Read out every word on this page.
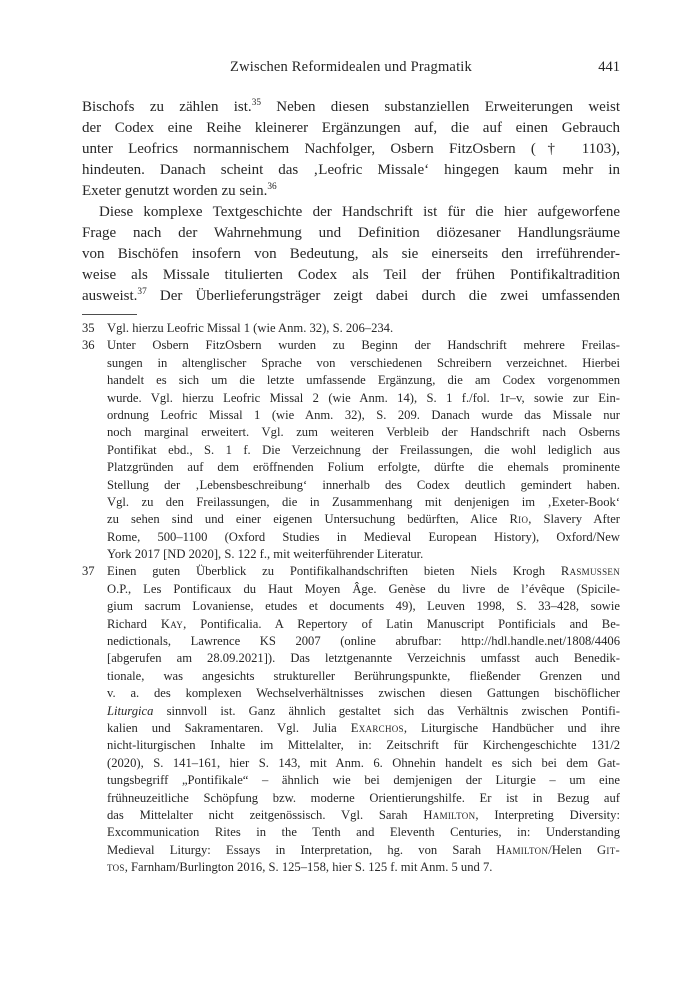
Zwischen Reformidealen und Pragmatik	441
Bischofs zu zählen ist.$^{35}$ Neben diesen substanziellen Erweiterungen weist
der Codex eine Reihe kleinerer Ergänzungen auf, die auf einen Gebrauch
unter Leofrics normannischem Nachfolger, Osbern FitzOsbern († 1103),
hindeuten. Danach scheint das ‚Leofric Missale‘ hingegen kaum mehr in
Exeter genutzt worden zu sein.$^{36}$
Diese komplexe Textgeschichte der Handschrift ist für die hier aufgeworfene
Frage nach der Wahrnehmung und Definition diözesaner Handlungsräume
von Bischöfen insofern von Bedeutung, als sie einerseits den irreführender-
weise als Missale titulierten Codex als Teil der frühen Pontifikaltradition
ausweist.$^{37}$ Der Überlieferungsträger zeigt dabei durch die zwei umfassenden
35 Vgl. hierzu Leofric Missal 1 (wie Anm. 32), S. 206–234.
36 Unter Osbern FitzOsbern wurden zu Beginn der Handschrift mehrere Freilas-
sungen in altenglischer Sprache von verschiedenen Schreibern verzeichnet. Hierbei
handelt es sich um die letzte umfassende Ergänzung, die am Codex vorgenommen
wurde. Vgl. hierzu Leofric Missal 2 (wie Anm. 14), S. 1 f./fol. 1r–v, sowie zur Ein-
ordnung Leofric Missal 1 (wie Anm. 32), S. 209. Danach wurde das Missale nur
noch marginal erweitert. Vgl. zum weiteren Verbleib der Handschrift nach Osberns
Pontifikat ebd., S. 1 f. Die Verzeichnung der Freilassungen, die wohl lediglich aus
Platzgründen auf dem eröffnenden Folium erfolgte, dürfte die ehemals prominente
Stellung der ‚Lebensbeschreibung‘ innerhalb des Codex deutlich gemindert haben.
Vgl. zu den Freilassungen, die in Zusammenhang mit denjenigen im ‚Exeter-Book‘
zu sehen sind und einer eigenen Untersuchung bedürften, Alice Rio, Slavery After
Rome, 500–1100 (Oxford Studies in Medieval European History), Oxford/New
York 2017 [ND 2020], S. 122 f., mit weiterführender Literatur.
37 Einen guten Überblick zu Pontifikalhandschriften bieten Niels Krogh Rasmussen
O.P., Les Pontificaux du Haut Moyen Âge. Genèse du livre de l’évêque (Spicile-
gium sacrum Lovaniense, etudes et documents 49), Leuven 1998, S. 33–428, sowie
Richard Kay, Pontificalia. A Repertory of Latin Manuscript Pontificials and Be-
nedictionals, Lawrence KS 2007 (online abrufbar: http://hdl.handle.net/1808/4406
[abgerufen am 28.09.2021]). Das letztgenannte Verzeichnis umfasst auch Benedik-
tionale, was angesichts struktureller Berührungspunkte, fließender Grenzen und
v. a. des komplexen Wechselverhältnisses zwischen diesen Gattungen bischöflicher
Liturgica sinnvoll ist. Ganz ähnlich gestaltet sich das Verhältnis zwischen Pontifi-
kalien und Sakramentaren. Vgl. Julia Exarchos, Liturgische Handbücher und ihre
nicht-liturgischen Inhalte im Mittelalter, in: Zeitschrift für Kirchengeschichte 131/2
(2020), S. 141–161, hier S. 143, mit Anm. 6. Ohnehin handelt es sich bei dem Gat-
tungsbegriff „Pontifikale“ – ähnlich wie bei demjenigen der Liturgie – um eine
frühneuzeitliche Schöpfung bzw. moderne Orientierungshilfe. Er ist in Bezug auf
das Mittelalter nicht zeitgenössisch. Vgl. Sarah Hamilton, Interpreting Diversity:
Excommunication Rites in the Tenth and Eleventh Centuries, in: Understanding
Medieval Liturgy: Essays in Interpretation, hg. von Sarah Hamilton/Helen Git-
tos, Farnham/Burlington 2016, S. 125–158, hier S. 125 f. mit Anm. 5 und 7.
